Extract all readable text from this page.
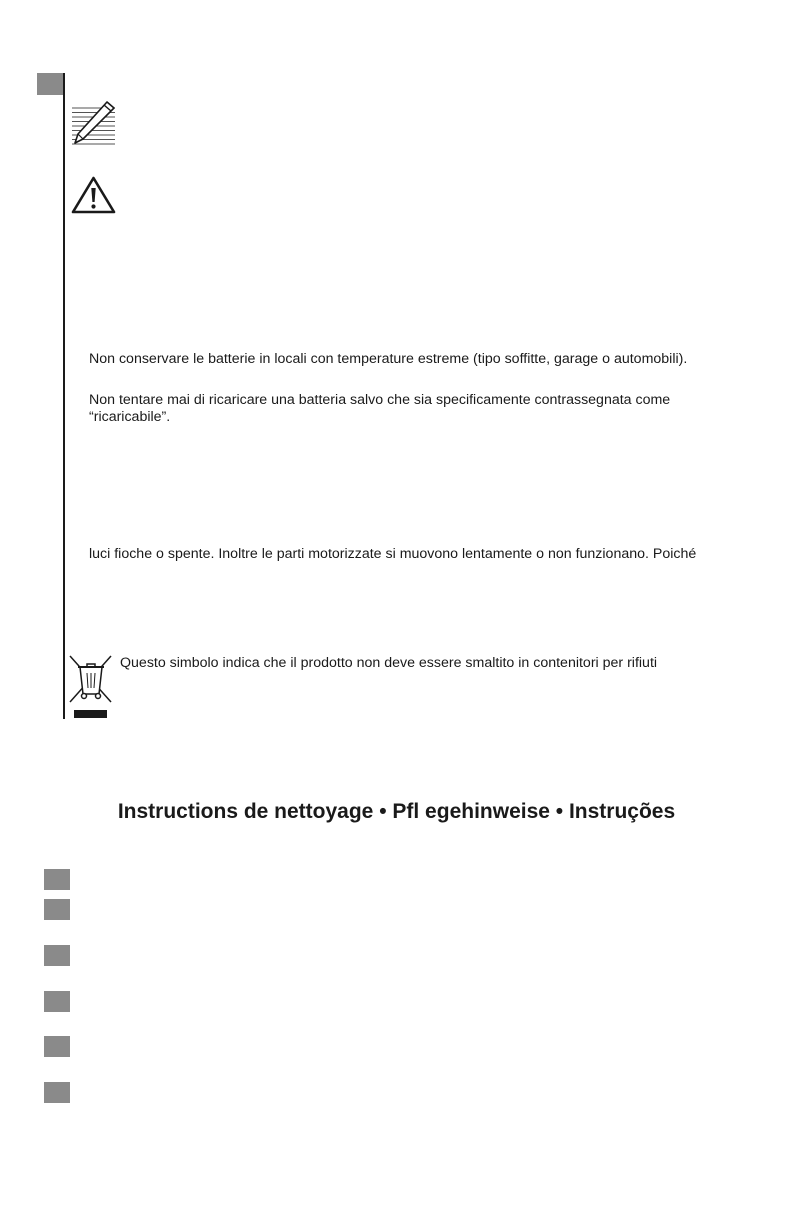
Non conservare le batterie in locali con temperature estreme (tipo soffitte, garage o automobili).

Non tentare mai di ricaricare una batteria salvo che sia specificamente contrassegnata come

“ricaricabile”.

luci fioche o spente. Inoltre le parti motorizzate si muovono lentamente o non funzionano. Poiché

Questo simbolo indica che il prodotto non deve essere smaltito in contenitori per rifiuti

Instructions de nettoyage • Pfl egehinweise • Instruções
